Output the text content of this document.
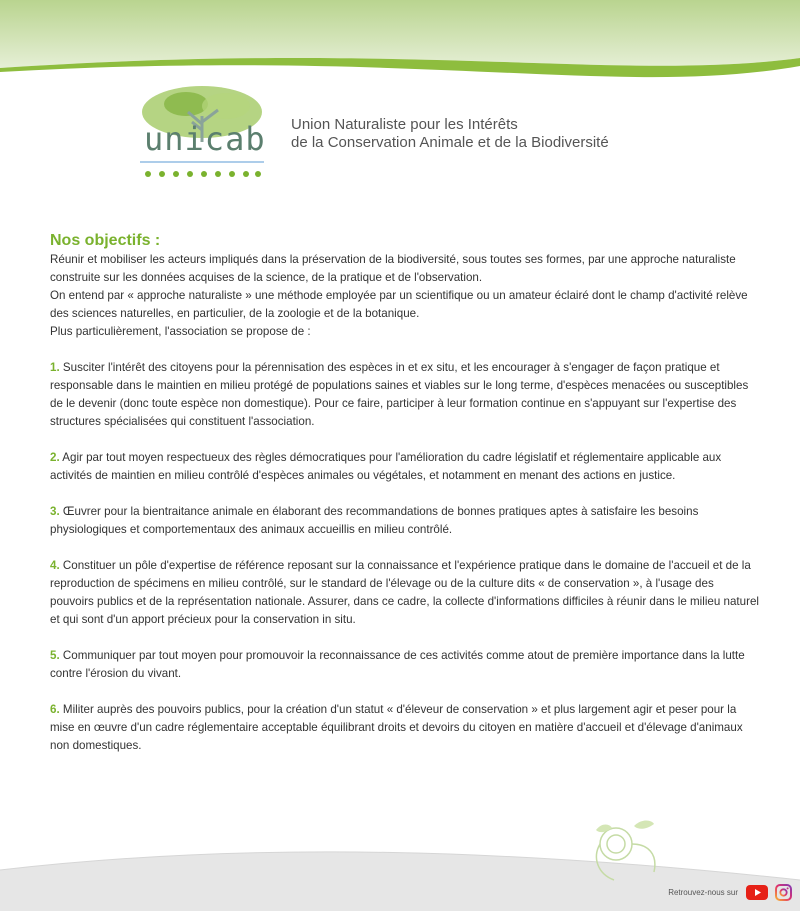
unicab Union Naturaliste pour les Intérêts
de la Conservation Animale et de la Biodiversité
Nos objectifs :

Réunir et mobiliser les acteurs impliqués dans la préservation de la biodiversité, sous toutes ses formes, par une approche naturaliste construite sur les données acquises de la science, de la pratique et de l'observation.

On entend par « approche naturaliste » une méthode employée par un scientifique ou un amateur éclairé dont le champ d'activité relève des sciences naturelles, en particulier, de la zoologie et de la botanique.

Plus particulièrement, l'association se propose de :

1. Susciter l'intérêt des citoyens pour la pérennisation des espèces in et ex situ, et les encourager à s'engager de façon pratique et responsable dans le maintien en milieu protégé de populations saines et viables sur le long terme, d'espèces menacées ou susceptibles de le devenir (donc toute espèce non domestique). Pour ce faire, participer à leur formation continue en s'appuyant sur l'expertise des structures spécialisées qui constituent l'association.

2. Agir par tout moyen respectueux des règles démocratiques pour l'amélioration du cadre législatif et réglementaire applicable aux activités de maintien en milieu contrôlé d'espèces animales ou végétales, et notamment en menant des actions en justice.

3. Œuvrer pour la bientraitance animale en élaborant des recommandations de bonnes pratiques aptes à satisfaire les besoins physiologiques et comportementaux des animaux accueillis en milieu contrôlé.

4. Constituer un pôle d'expertise de référence reposant sur la connaissance et l'expérience pratique dans le domaine de l'accueil et de la reproduction de spécimens en milieu contrôlé, sur le standard de l'élevage ou de la culture dits « de conservation », à l'usage des pouvoirs publics et de la représentation nationale. Assurer, dans ce cadre, la collecte d'informations difficiles à réunir dans le milieu naturel et qui sont d'un apport précieux pour la conservation in situ.

5. Communiquer par tout moyen pour promouvoir la reconnaissance de ces activités comme atout de première importance dans la lutte contre l'érosion du vivant.

6. Militer auprès des pouvoirs publics, pour la création d'un statut « d'éleveur de conservation » et plus largement agir et peser pour la mise en œuvre d'un cadre réglementaire acceptable équilibrant droits et devoirs du citoyen en matière d'accueil et d'élevage d'animaux non domestiques.

Retrouvez-nous sur
